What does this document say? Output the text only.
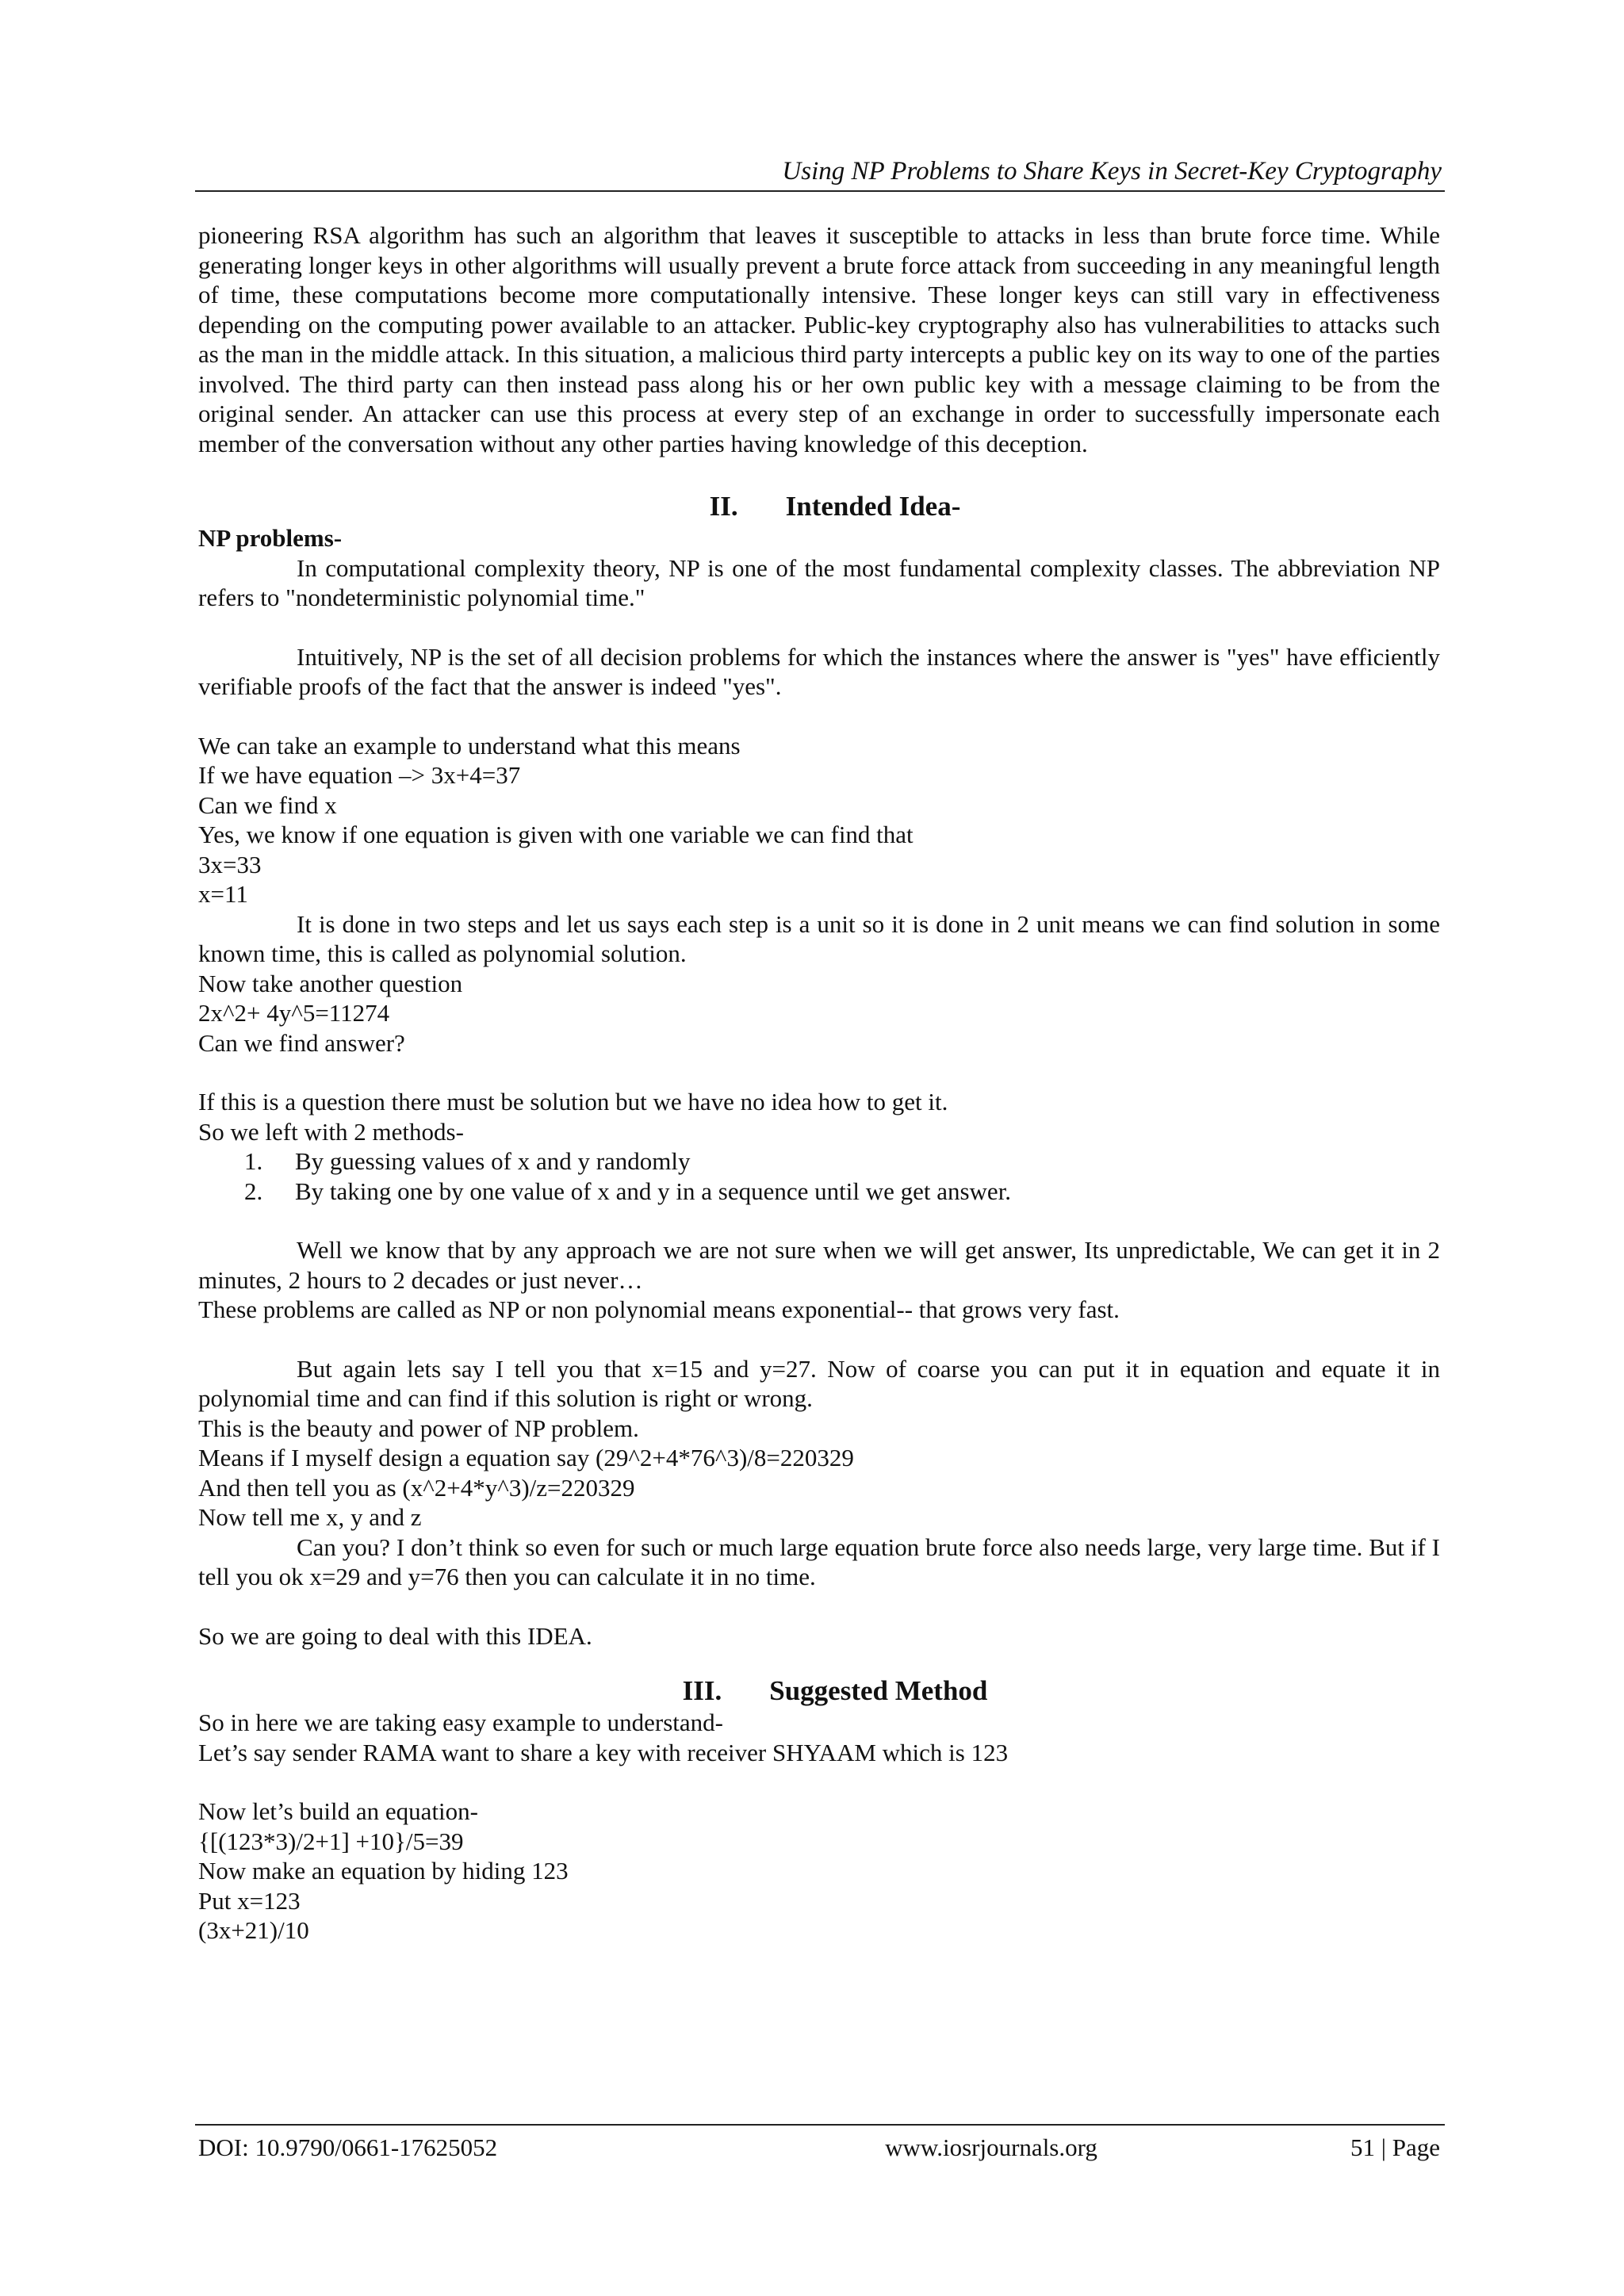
Using NP Problems to Share Keys in Secret-Key Cryptography

pioneering RSA algorithm has such an algorithm that leaves it susceptible to attacks in less than brute force time. While generating longer keys in other algorithms will usually prevent a brute force attack from succeeding in any meaningful length of time, these computations become more computationally intensive. These longer keys can still vary in effectiveness depending on the computing power available to an attacker. Public-key cryptography also has vulnerabilities to attacks such as the man in the middle attack. In this situation, a malicious third party intercepts a public key on its way to one of the parties involved. The third party can then instead pass along his or her own public key with a message claiming to be from the original sender. An attacker can use this process at every step of an exchange in order to successfully impersonate each member of the conversation without any other parties having knowledge of this deception.

II. Intended Idea-

NP problems-

In computational complexity theory, NP is one of the most fundamental complexity classes. The abbreviation NP refers to "nondeterministic polynomial time."

Intuitively, NP is the set of all decision problems for which the instances where the answer is "yes" have efficiently verifiable proofs of the fact that the answer is indeed "yes".

We can take an example to understand what this means

If we have equation –> 3x+4=37

Can we find x

Yes, we know if one equation is given with one variable we can find that

3x=33

x=11

It is done in two steps and let us says each step is a unit so it is done in 2 unit means we can find solution in some known time, this is called as polynomial solution.

Now take another question

2x^2+ 4y^5=11274

Can we find answer?

If this is a question there must be solution but we have no idea how to get it.

So we left with 2 methods-

1.	By guessing values of x and y randomly
2.	By taking one by one value of x and y in a sequence until we get answer.

Well we know that by any approach we are not sure when we will get answer, Its unpredictable, We can get it in 2 minutes, 2 hours to 2 decades or just never…

These problems are called as NP or non polynomial means exponential-- that grows very fast.

But again lets say I tell you that x=15 and y=27. Now of coarse you can put it in equation and equate it in polynomial time and can find if this solution is right or wrong.

This is the beauty and power of NP problem.

Means if I myself design a equation say (29^2+4*76^3)/8=220329

And then tell you as (x^2+4*y^3)/z=220329

Now tell me x, y and z

Can you? I don’t think so even for such or much large equation brute force also needs large, very large time. But if I tell you ok x=29 and y=76 then you can calculate it in no time.

So we are going to deal with this IDEA.

III. Suggested Method

So in here we are taking easy example to understand-

Let’s say sender RAMA want to share a key with receiver SHYAAM which is 123

Now let’s build an equation-

{[(123*3)/2+1] +10}/5=39

Now make an equation by hiding 123

Put x=123

(3x+21)/10

DOI: 10.9790/0661-17625052	www.iosrjournals.org	51 | Page
